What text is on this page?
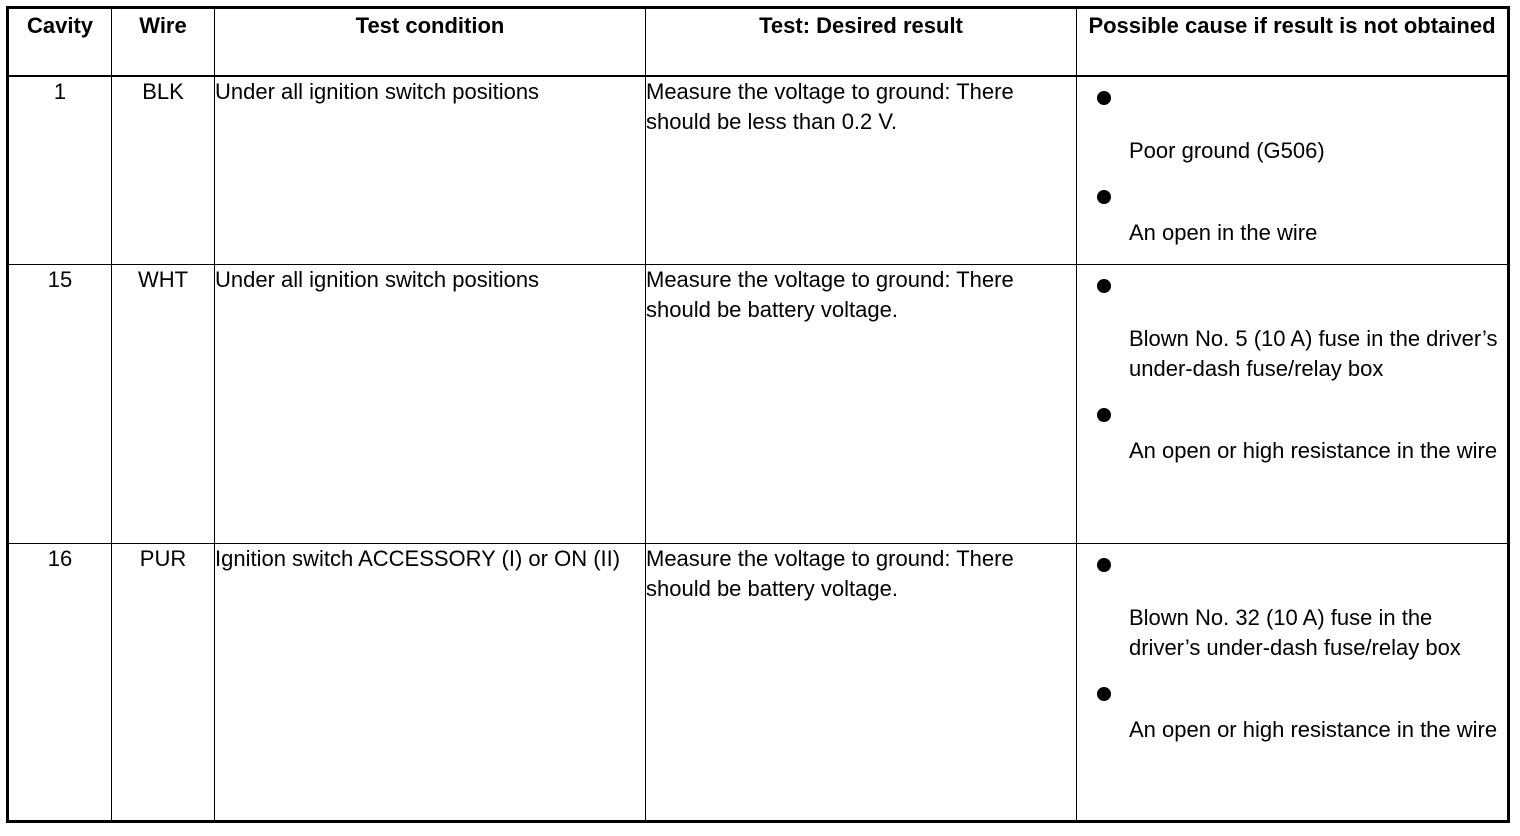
Cavity	Wire	Test condition	Test: Desired result	Possible cause if result is not obtained
1	BLK	Under all ignition switch positions	Measure the voltage to ground: There should be less than 0.2 V.	Poor ground (G506)
An open in the wire

15	WHT	Under all ignition switch positions	Measure the voltage to ground: There should be battery voltage.	Blown No. 5 (10 A) fuse in the driver’s under-dash fuse/relay box
An open or high resistance in the wire

16	PUR	Ignition switch ACCESSORY (I) or ON (II)	Measure the voltage to ground: There should be battery voltage.	Blown No. 32 (10 A) fuse in the driver’s under-dash fuse/relay box
An open or high resistance in the wire
